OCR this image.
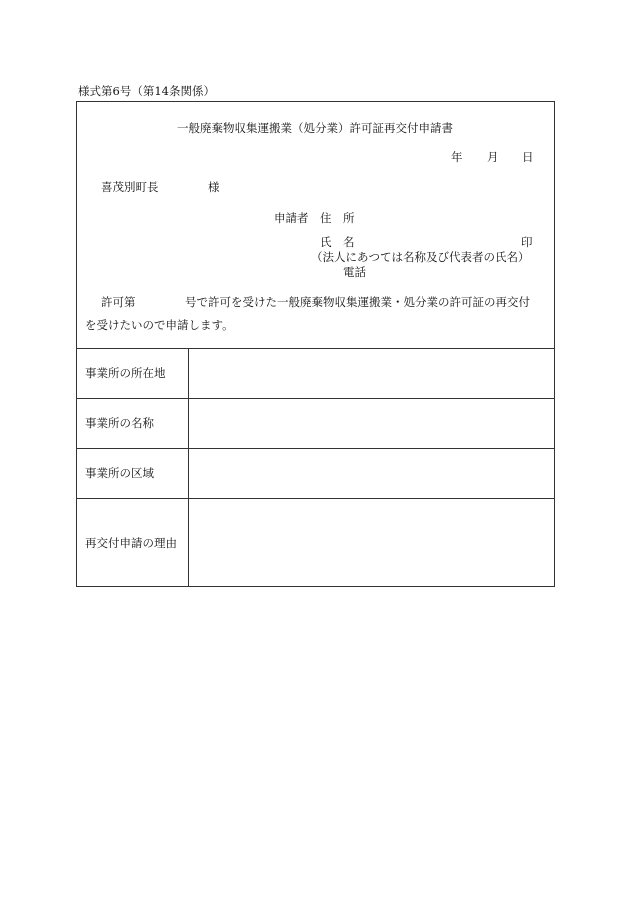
様式第6号（第14条関係）
一般廃棄物収集運搬業（処分業）許可証再交付申請書
年 月 日
喜茂別町長	様
申請者 住　所
氏　名	印
（法人にあつては名称及び代表者の氏名）
電話
許可第	号で許可を受けた一般廃棄物収集運搬業・処分業の許可証の再交付
を受けたいので申請します。
事業所の所在地
事業所の名称
事業所の区域
再交付申請の理由
